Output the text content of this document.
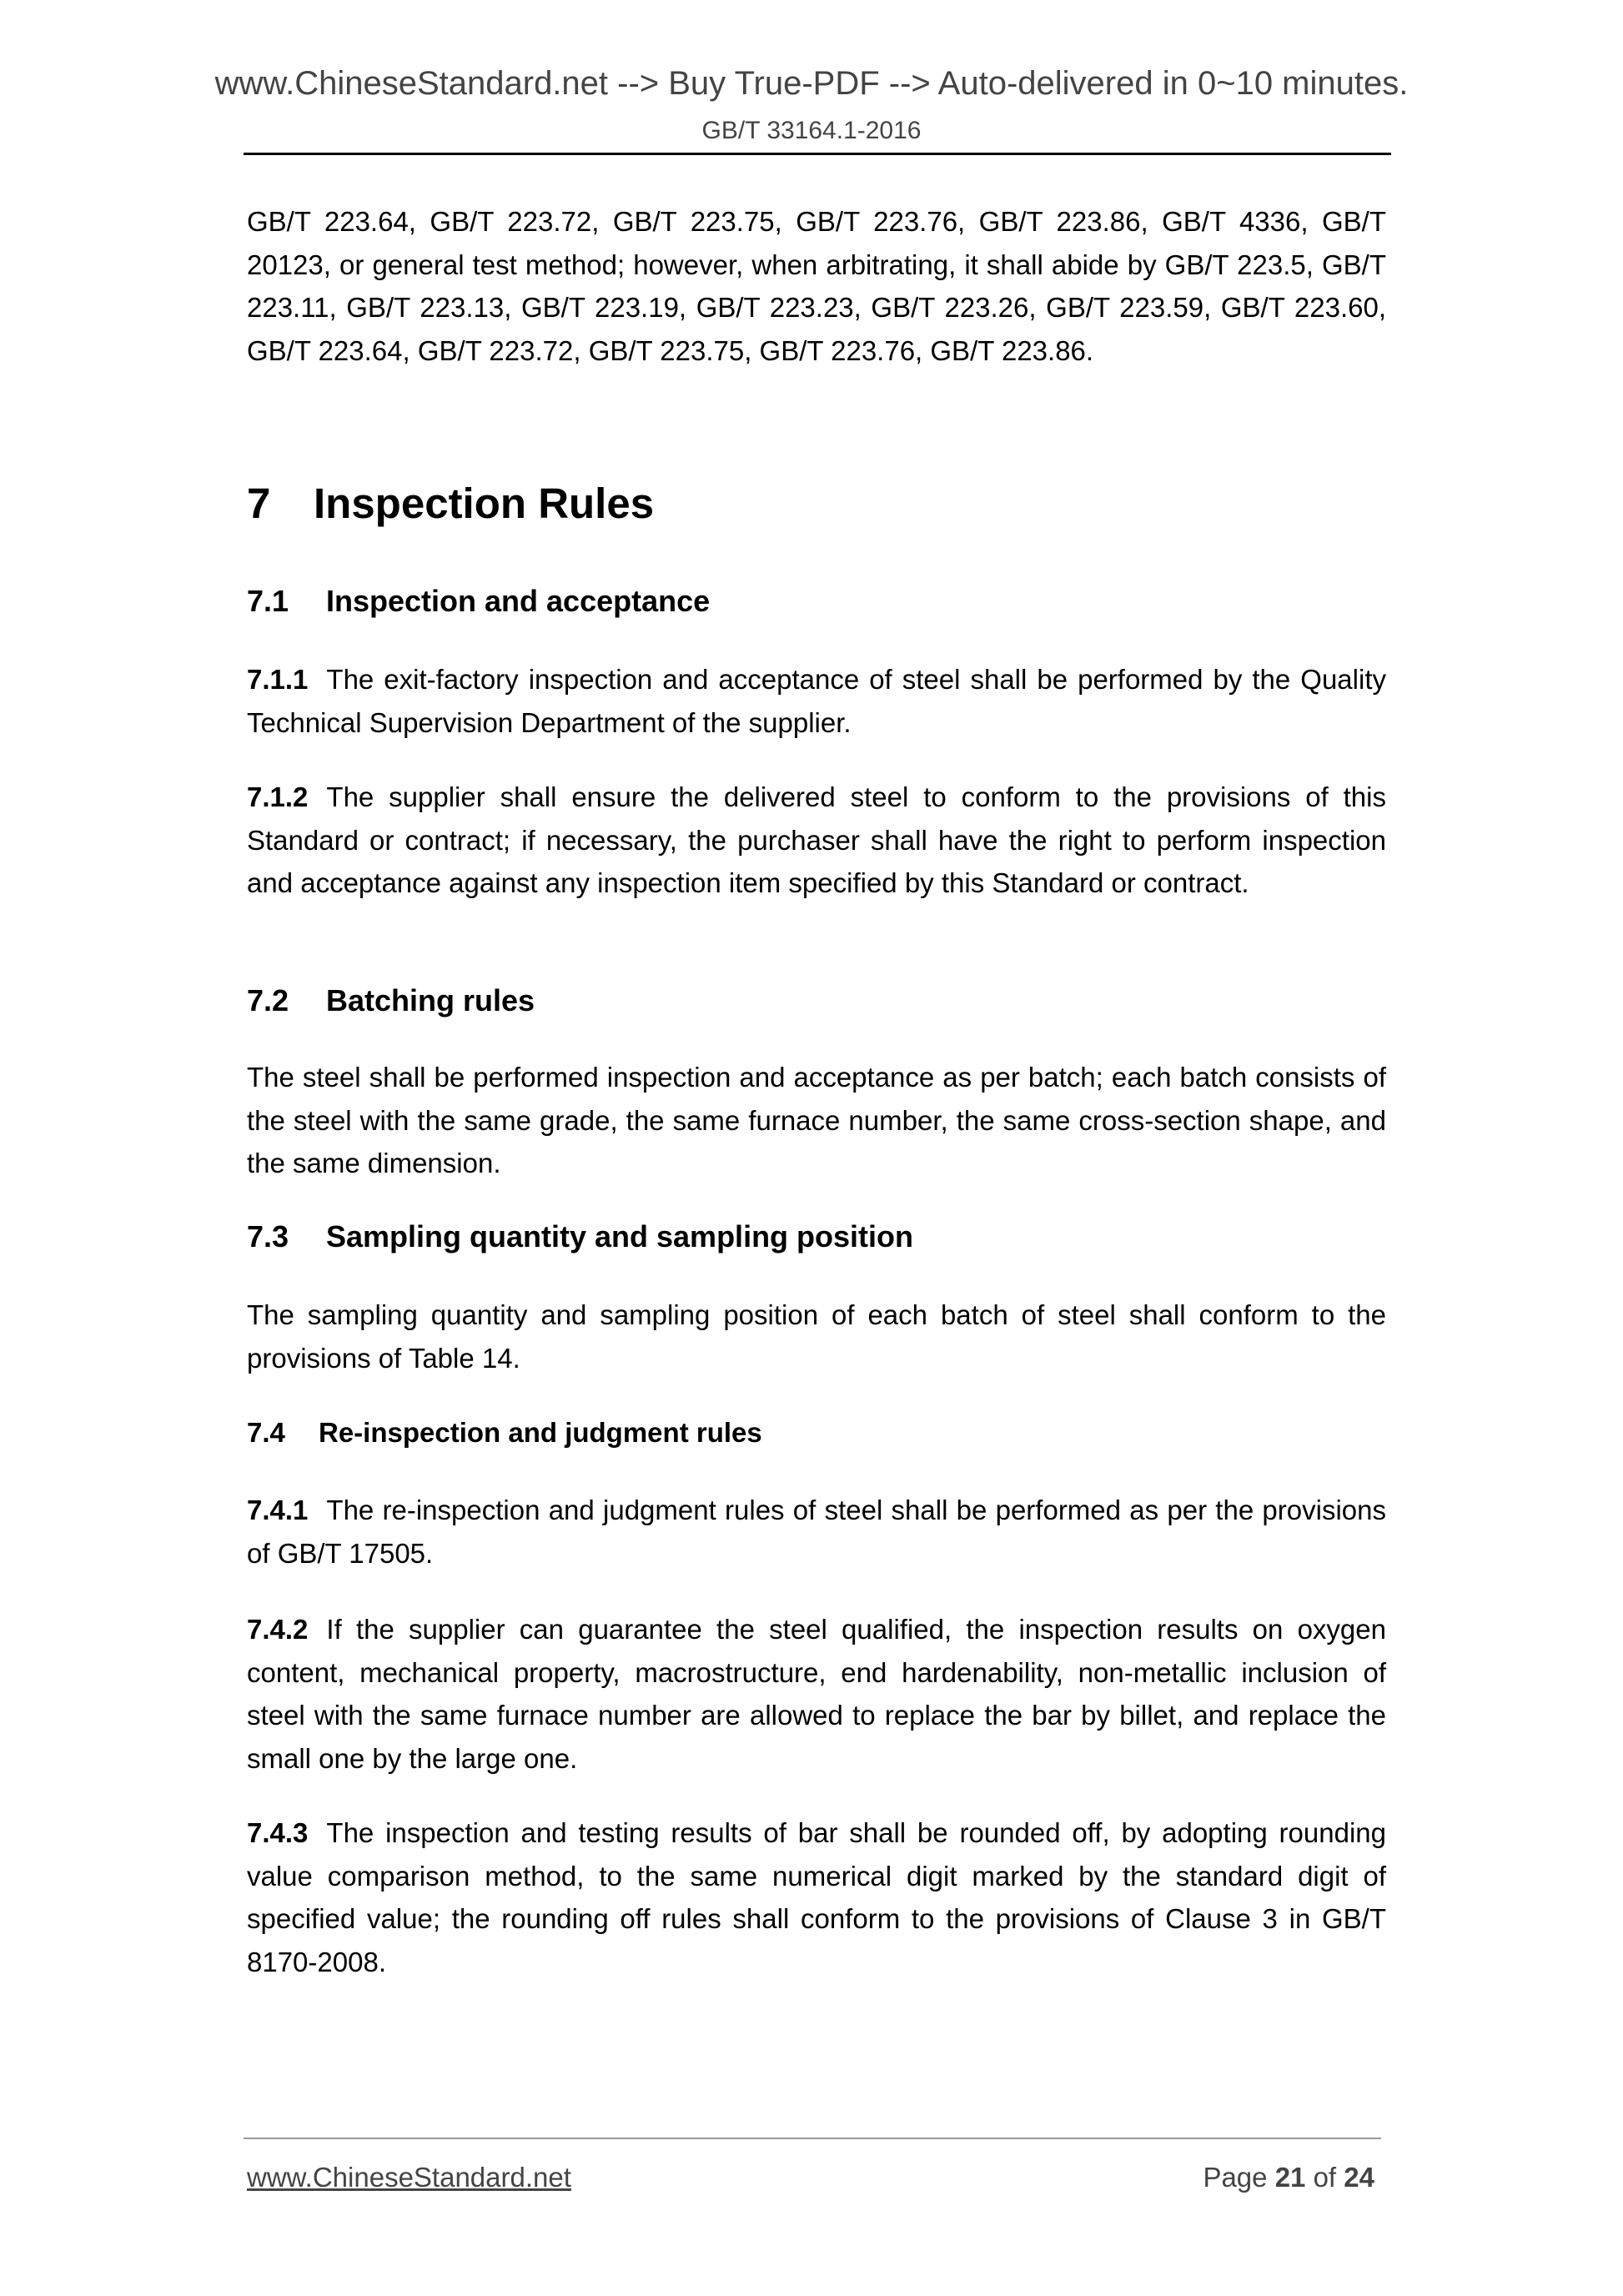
www.ChineseStandard.net --> Buy True-PDF --> Auto-delivered in 0~10 minutes.
GB/T 33164.1-2016
GB/T 223.64, GB/T 223.72, GB/T 223.75, GB/T 223.76, GB/T 223.86, GB/T 4336, GB/T 20123, or general test method; however, when arbitrating, it shall abide by GB/T 223.5, GB/T 223.11, GB/T 223.13, GB/T 223.19, GB/T 223.23, GB/T 223.26, GB/T 223.59, GB/T 223.60, GB/T 223.64, GB/T 223.72, GB/T 223.75, GB/T 223.76, GB/T 223.86.
7 Inspection Rules
7.1 Inspection and acceptance
7.1.1 The exit-factory inspection and acceptance of steel shall be performed by the Quality Technical Supervision Department of the supplier.
7.1.2 The supplier shall ensure the delivered steel to conform to the provisions of this Standard or contract; if necessary, the purchaser shall have the right to perform inspection and acceptance against any inspection item specified by this Standard or contract.
7.2 Batching rules
The steel shall be performed inspection and acceptance as per batch; each batch consists of the steel with the same grade, the same furnace number, the same cross-section shape, and the same dimension.
7.3 Sampling quantity and sampling position
The sampling quantity and sampling position of each batch of steel shall conform to the provisions of Table 14.
7.4 Re-inspection and judgment rules
7.4.1 The re-inspection and judgment rules of steel shall be performed as per the provisions of GB/T 17505.
7.4.2 If the supplier can guarantee the steel qualified, the inspection results on oxygen content, mechanical property, macrostructure, end hardenability, non-metallic inclusion of steel with the same furnace number are allowed to replace the bar by billet, and replace the small one by the large one.
7.4.3 The inspection and testing results of bar shall be rounded off, by adopting rounding value comparison method, to the same numerical digit marked by the standard digit of specified value; the rounding off rules shall conform to the provisions of Clause 3 in GB/T 8170-2008.
www.ChineseStandard.net	Page 21 of 24
